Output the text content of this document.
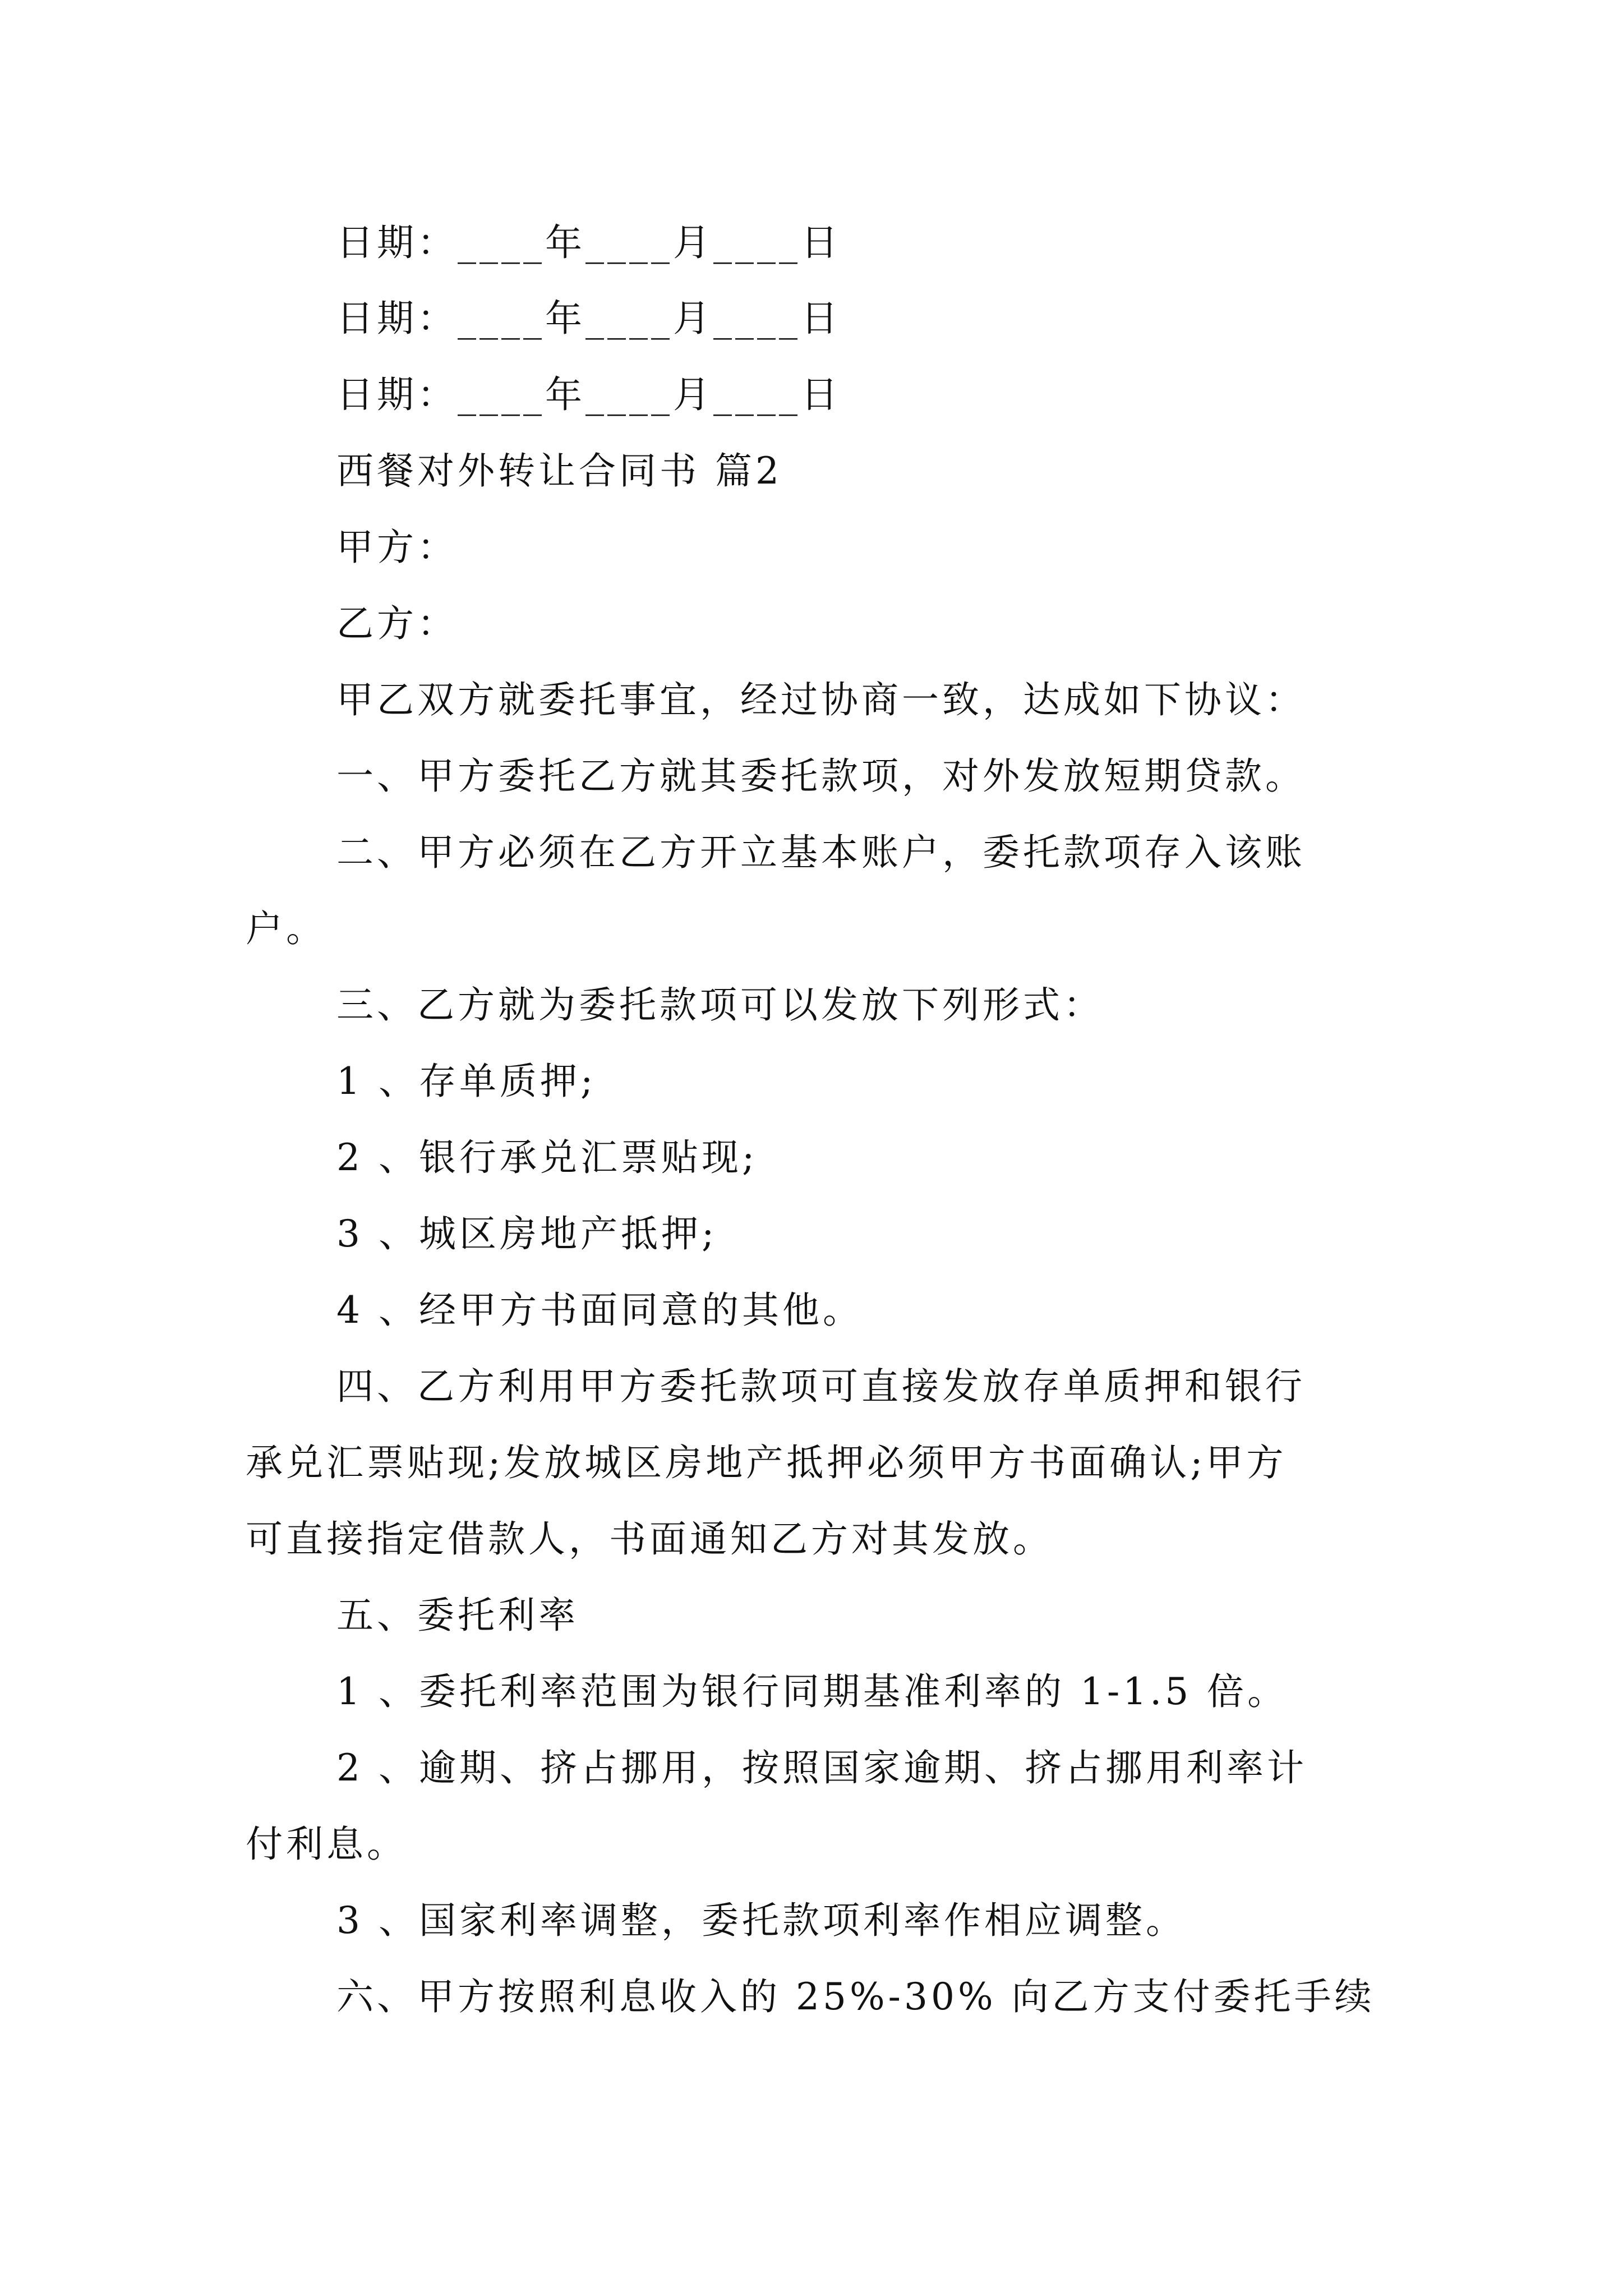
日期：____年____月____日
日期：____年____月____日
日期：____年____月____日
西餐对外转让合同书 篇2
甲方：
乙方：
甲乙双方就委托事宜，经过协商一致，达成如下协议：
一、甲方委托乙方就其委托款项，对外发放短期贷款。
二、甲方必须在乙方开立基本账户，委托款项存入该账
户。
三、乙方就为委托款项可以发放下列形式：
1 、存单质押;
2 、银行承兑汇票贴现;
3 、城区房地产抵押;
4 、经甲方书面同意的其他。
四、乙方利用甲方委托款项可直接发放存单质押和银行
承兑汇票贴现;发放城区房地产抵押必须甲方书面确认;甲方
可直接指定借款人，书面通知乙方对其发放。
五、委托利率
1 、委托利率范围为银行同期基准利率的 1-1.5 倍。
2 、逾期、挤占挪用，按照国家逾期、挤占挪用利率计
付利息。
3 、国家利率调整，委托款项利率作相应调整。
六、甲方按照利息收入的 25%-30% 向乙方支付委托手续
